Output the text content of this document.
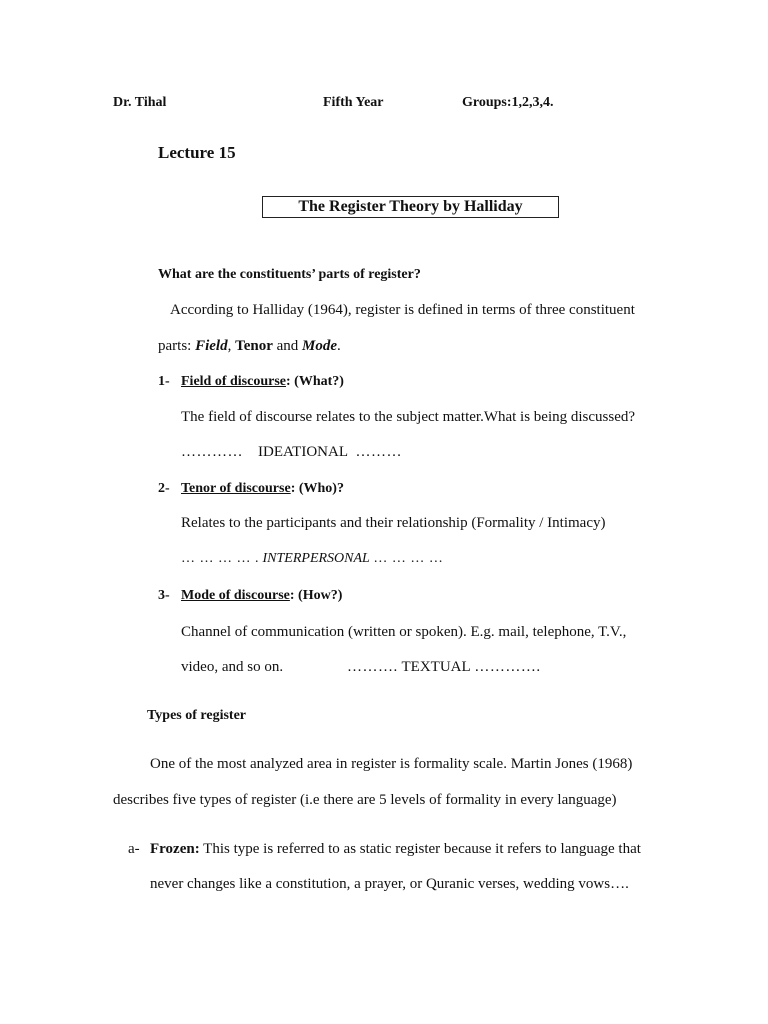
Dr. Tihal	Fifth Year	Groups:1,2,3,4.
Lecture 15
The Register Theory by Halliday
What are the constituents’ parts of register?
According to Halliday (1964), register is defined in terms of three constituent
parts: Field, Tenor and Mode.
1- Field of discourse: (What?)
The field of discourse relates to the subject matter.What is being discussed?
………… IDEATIONAL ………
2- Tenor of discourse: (Who)?
Relates to the participants and their relationship (Formality / Intimacy)
… … … … . INTERPERSONAL … … … …
3- Mode of discourse: (How?)
Channel of communication (written or spoken). E.g. mail, telephone, T.V.,
video, and so on.	………. TEXTUAL ………….
Types of register
One of the most analyzed area in register is formality scale. Martin Jones (1968)
describes five types of register (i.e there are 5 levels of formality in every language)
a- Frozen: This type is referred to as static register because it refers to language that
never changes like a constitution, a prayer, or Quranic verses, wedding vows….
